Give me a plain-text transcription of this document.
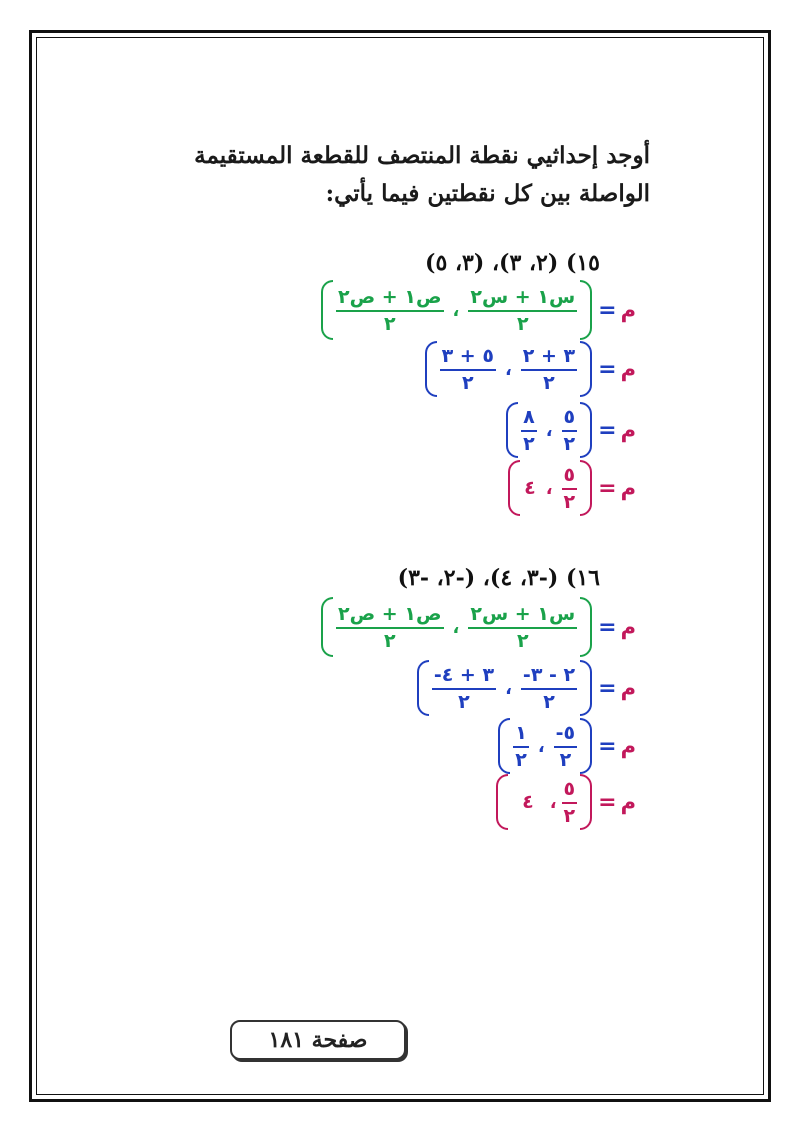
أوجد إحداثيي نقطة المنتصف للقطعة المستقيمة الواصلة بين كل نقطتين فيما يأتي:
١٥) (٢، ٣)، (٣، ٥)
$\frac{\text{ص١ + ص٢}}{٢}$ ، $\frac{\text{س١ + س٢}}{٢}$ = م
$\frac{٥ + ٣}{٢}$ ، $\frac{٣ + ٢}{٢}$ = م
$\frac{٨}{٢}$ ، $\frac{٥}{٢}$ = م
٤ ، $\frac{٥}{٢}$ = م
١٦) (-٣، ٤)، (-٢، -٣)
$\frac{\text{ص١ + ص٢}}{٢}$ ، $\frac{\text{س١ + س٢}}{٢}$ = م
$\frac{-٣ + ٤}{٢}$ ، $\frac{-٢ - ٣}{٢}$ = م
$\frac{١}{٢}$ ، $\frac{-٥}{٢}$ = م
٤ ، $\frac{٥}{٢}$ = م
صفحة ١٨١
